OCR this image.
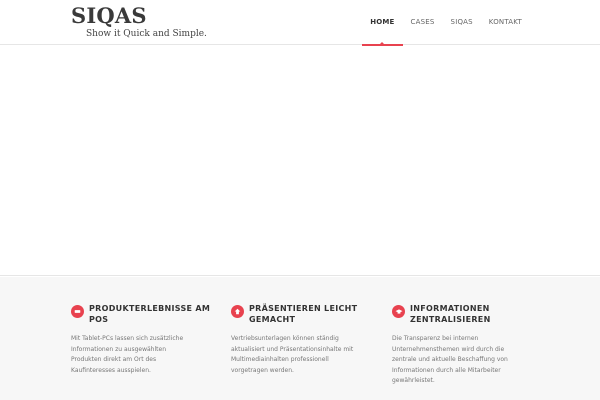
SIQAS
Show it Quick and Simple.
HOME	CASES	SIQAS	KONTAKT
PRODUKTERLEBNISSE AM
POS
Mit Tablet-PCs lassen sich zusätzliche
Informationen zu ausgewählten
Produkten direkt am Ort des
Kaufinteresses ausspielen.
PRÄSENTIEREN LEICHT
GEMACHT
Vertriebsunterlagen können ständig
aktualisiert und Präsentationsinhalte mit
Multimediainhalten professionell
vorgetragen werden.
INFORMATIONEN
ZENTRALISIEREN
Die Transparenz bei internen
Unternehmensthemen wird durch die
zentrale und aktuelle Beschaffung von
Informationen durch alle Mitarbeiter
gewährleistet.
